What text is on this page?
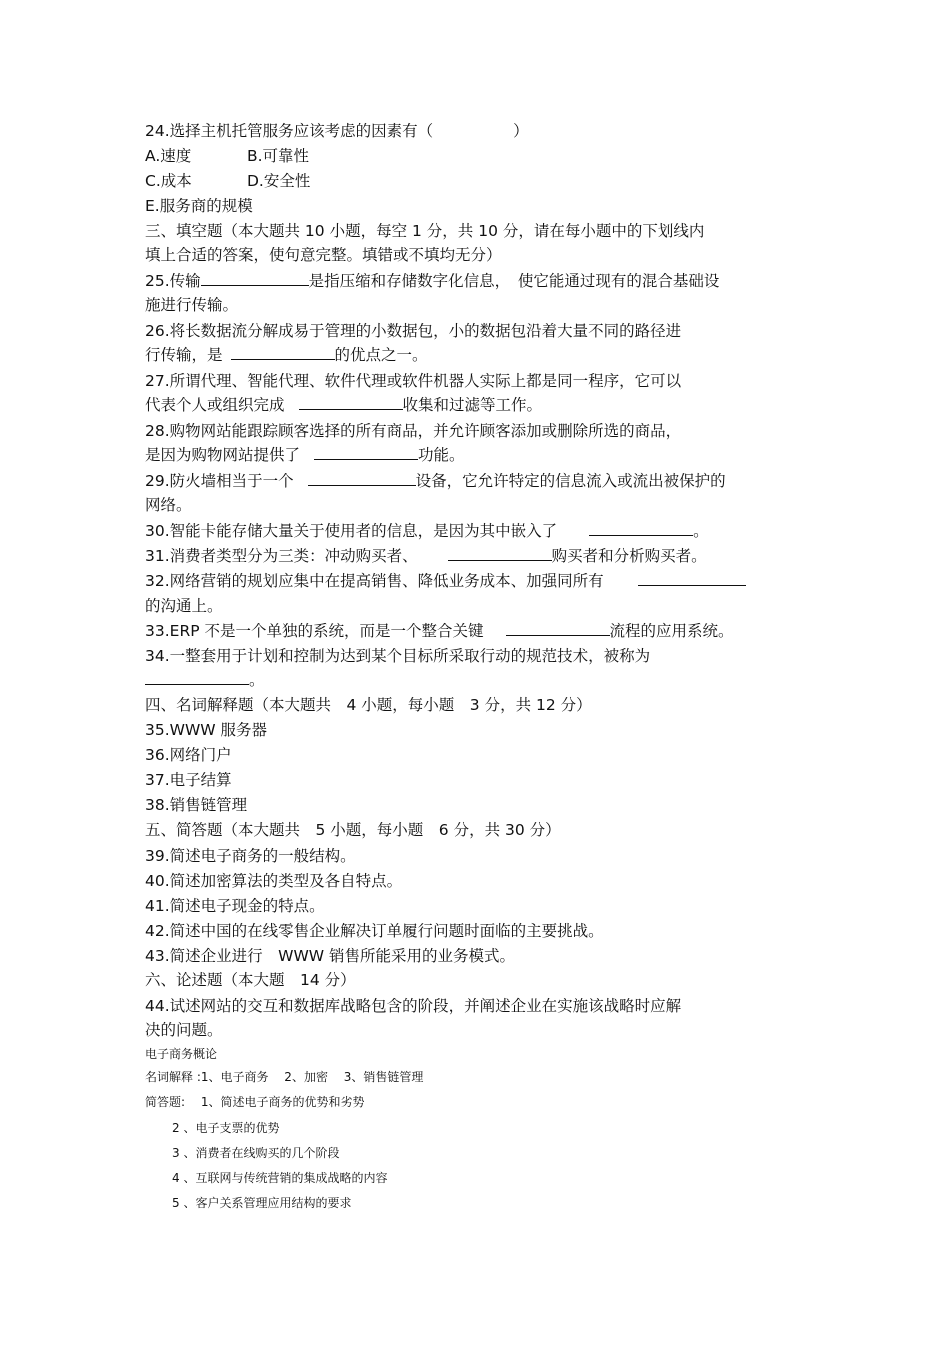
24.选择主机托管服务应该考虑的因素有（	）
A.速度	B.可靠性
C.成本	D.安全性
E.服务商的规模
三、填空题（本大题共 10 小题，每空 1 分，共 10 分，请在每小题中的下划线内
填上合适的答案，使句意完整。填错或不填均无分）
25.传输	是指压缩和存储数字化信息，　使它能通过现有的混合基础设
施进行传输。
26.将长数据流分解成易于管理的小数据包，小的数据包沿着大量不同的路径进
行传输，是	的优点之一。
27.所谓代理、智能代理、软件代理或软件机器人实际上都是同一程序，它可以
代表个人或组织完成	收集和过滤等工作。
28.购物网站能跟踪顾客选择的所有商品，并允许顾客添加或删除所选的商品，
是因为购物网站提供了	功能。
29.防火墙相当于一个	设备，它允许特定的信息流入或流出被保护的
网络。
30.智能卡能存储大量关于使用者的信息，是因为其中嵌入了	。
31.消费者类型分为三类：冲动购买者、	购买者和分析购买者。
32.网络营销的规划应集中在提高销售、降低业务成本、加强同所有
的沟通上。
33.ERP 不是一个单独的系统，而是一个整合关键	流程的应用系统。
34.一整套用于计划和控制为达到某个目标所采取行动的规范技术，被称为
。
四、名词解释题（本大题共　4 小题，每小题　3 分，共 12 分）
35.WWW 服务器
36.网络门户
37.电子结算
38.销售链管理
五、简答题（本大题共　5 小题，每小题　6 分，共 30 分）
39.简述电子商务的一般结构。
40.简述加密算法的类型及各自特点。
41.简述电子现金的特点。
42.简述中国的在线零售企业解决订单履行问题时面临的主要挑战。
43.简述企业进行　WWW 销售所能采用的业务模式。
六、论述题（本大题　14 分）
44.试述网站的交互和数据库战略包含的阶段，并阐述企业在实施该战略时应解
决的问题。
电子商务概论
名词解释 :1、电子商务　 2、加密　 3、销售链管理
简答题:　 1、简述电子商务的优势和劣势
2 、电子支票的优势
3 、消费者在线购买的几个阶段
4 、互联网与传统营销的集成战略的内容
5 、客户关系管理应用结构的要求
